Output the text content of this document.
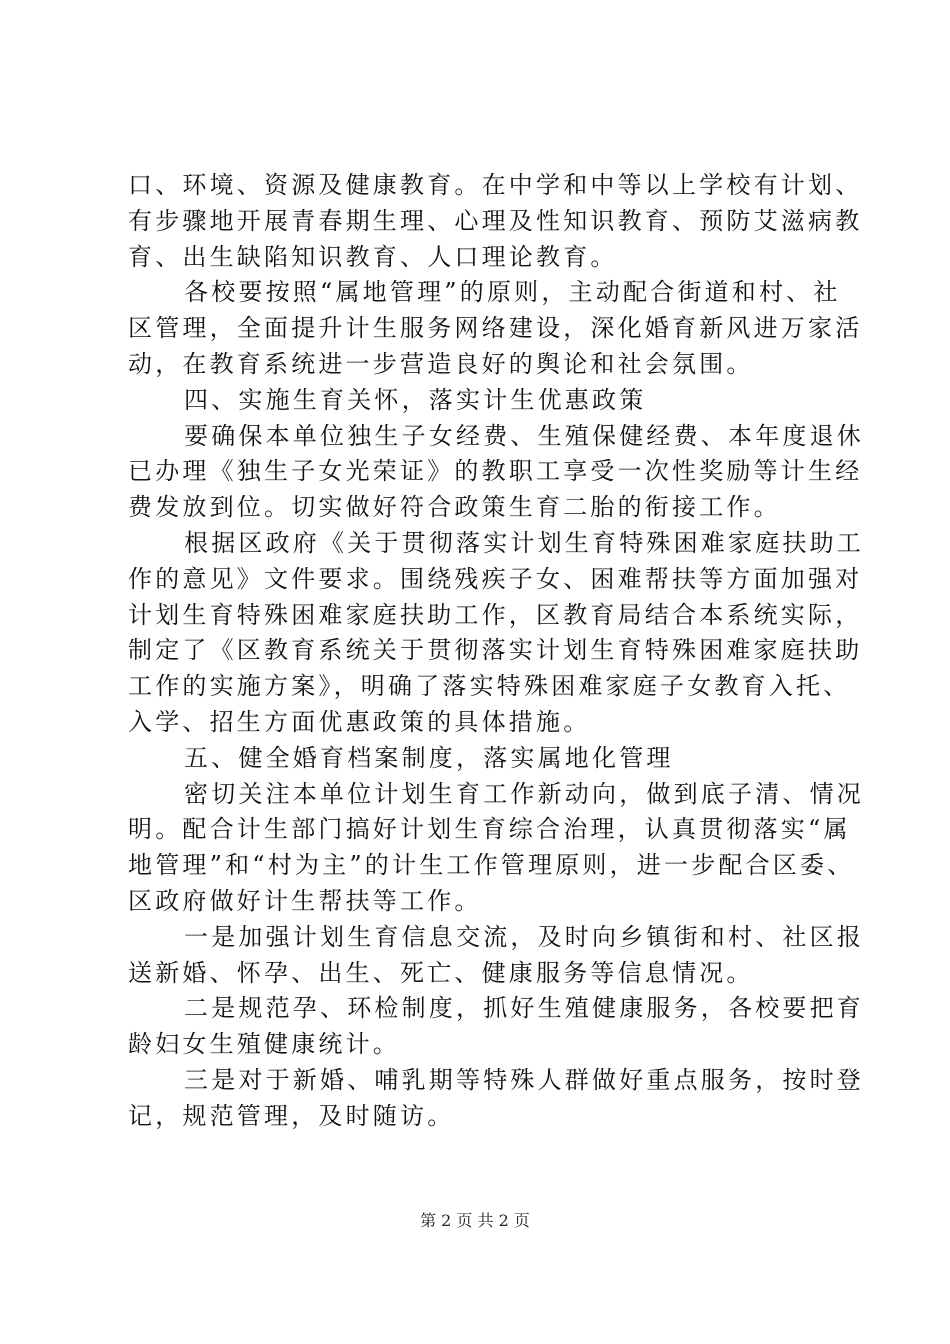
口、环境、资源及健康教育。在中学和中等以上学校有计划、
有步骤地开展青春期生理、心理及性知识教育、预防艾滋病教
育、出生缺陷知识教育、人口理论教育。
各校要按照“属地管理”的原则，主动配合街道和村、社
区管理，全面提升计生服务网络建设，深化婚育新风进万家活
动，在教育系统进一步营造良好的舆论和社会氛围。
四、实施生育关怀，落实计生优惠政策
要确保本单位独生子女经费、生殖保健经费、本年度退休
已办理《独生子女光荣证》的教职工享受一次性奖励等计生经
费发放到位。切实做好符合政策生育二胎的衔接工作。
根据区政府《关于贯彻落实计划生育特殊困难家庭扶助工
作的意见》文件要求。围绕残疾子女、困难帮扶等方面加强对
计划生育特殊困难家庭扶助工作，区教育局结合本系统实际，
制定了《区教育系统关于贯彻落实计划生育特殊困难家庭扶助
工作的实施方案》，明确了落实特殊困难家庭子女教育入托、
入学、招生方面优惠政策的具体措施。
五、健全婚育档案制度，落实属地化管理
密切关注本单位计划生育工作新动向，做到底子清、情况
明。配合计生部门搞好计划生育综合治理，认真贯彻落实“属
地管理”和“村为主”的计生工作管理原则，进一步配合区委、
区政府做好计生帮扶等工作。
一是加强计划生育信息交流，及时向乡镇街和村、社区报
送新婚、怀孕、出生、死亡、健康服务等信息情况。
二是规范孕、环检制度，抓好生殖健康服务，各校要把育
龄妇女生殖健康统计。
三是对于新婚、哺乳期等特殊人群做好重点服务，按时登
记，规范管理，及时随访。
第 2 页 共 2 页
